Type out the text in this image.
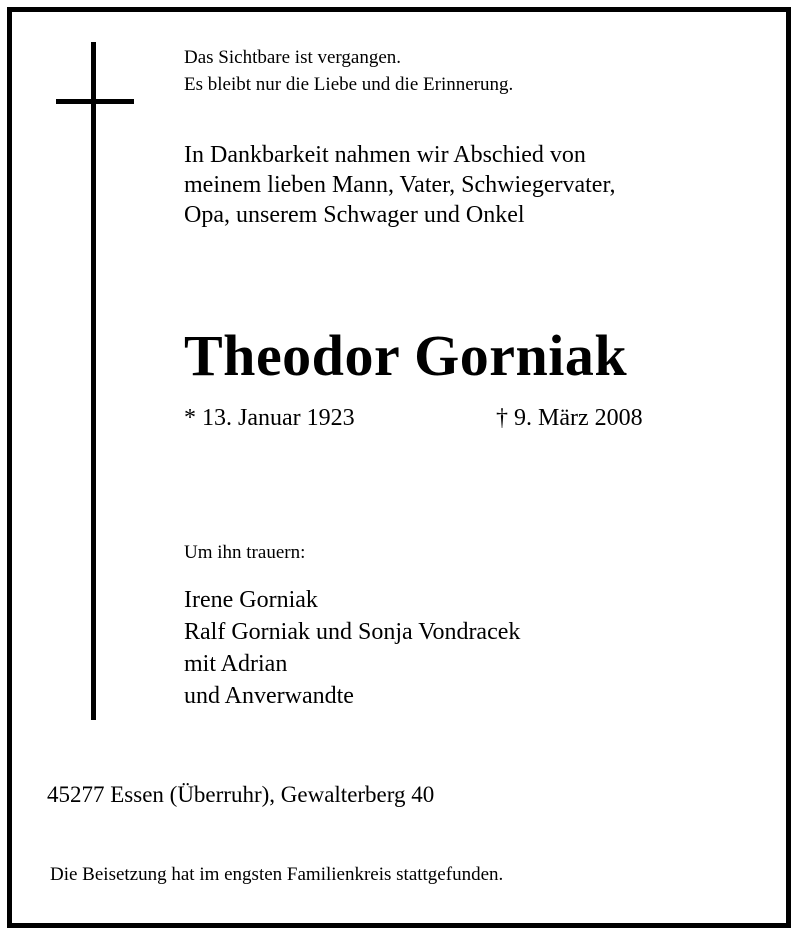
Das Sichtbare ist vergangen.
Es bleibt nur die Liebe und die Erinnerung.
In Dankbarkeit nahmen wir Abschied von
meinem lieben Mann, Vater, Schwiegervater,
Opa, unserem Schwager und Onkel
Theodor Gorniak
* 13. Januar 1923	† 9. März 2008
Um ihn trauern:
Irene Gorniak
Ralf Gorniak und Sonja Vondracek
mit Adrian
und Anverwandte
45277 Essen (Überruhr), Gewalterberg 40
Die Beisetzung hat im engsten Familienkreis stattgefunden.
